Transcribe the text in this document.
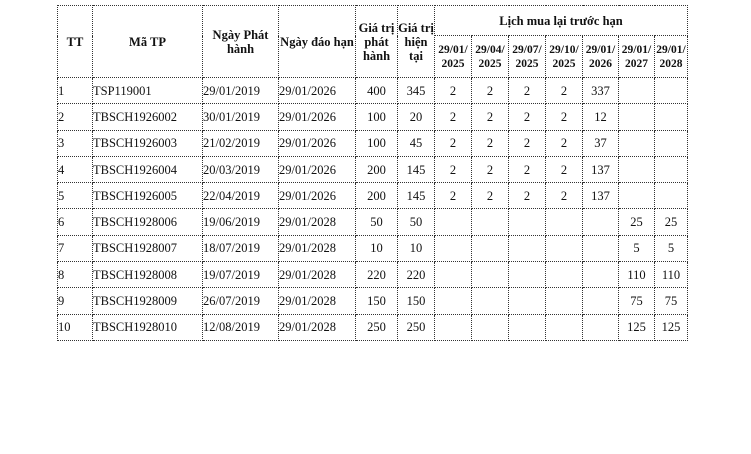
TT	Mã TP	Ngày Phát hành	Ngày đáo hạn	Giá trị phát hành	Giá trị hiện tại	Lịch mua lại trước hạn						
						29/01/ 2025	29/04/ 2025	29/07/ 2025	29/10/ 2025	29/01/ 2026	29/01/ 2027	29/01/ 2028
1	TSP119001	29/01/2019	29/01/2026	400	345	2	2	2	2	337		
2	TBSCH1926002	30/01/2019	29/01/2026	100	20	2	2	2	2	12		
3	TBSCH1926003	21/02/2019	29/01/2026	100	45	2	2	2	2	37		
4	TBSCH1926004	20/03/2019	29/01/2026	200	145	2	2	2	2	137		
5	TBSCH1926005	22/04/2019	29/01/2026	200	145	2	2	2	2	137		
6	TBSCH1928006	19/06/2019	29/01/2028	50	50						25	25
7	TBSCH1928007	18/07/2019	29/01/2028	10	10						5	5
8	TBSCH1928008	19/07/2019	29/01/2028	220	220						110	110
9	TBSCH1928009	26/07/2019	29/01/2028	150	150						75	75
10	TBSCH1928010	12/08/2019	29/01/2028	250	250						125	125
